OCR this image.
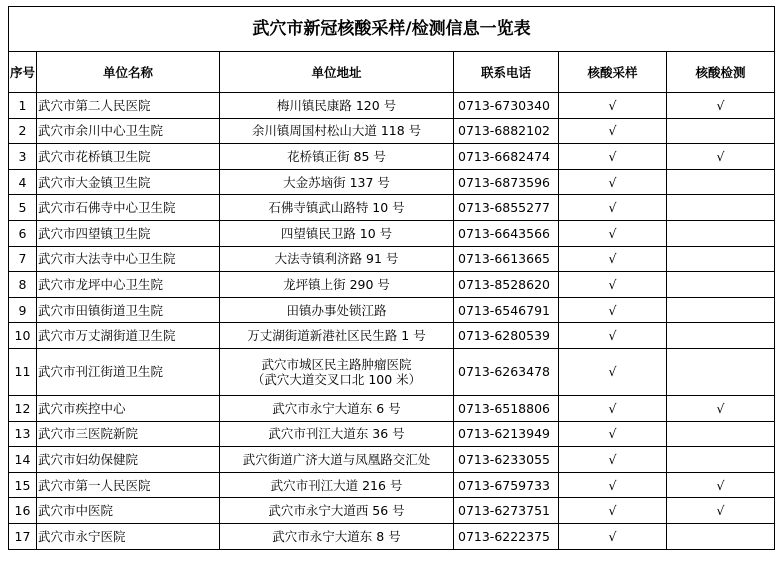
武穴市新冠核酸采样/检测信息一览表					
序号	单位名称	单位地址	联系电话	核酸采样	核酸检测
1	武穴市第二人民医院	梅川镇民康路 120 号	0713-6730340	√	√
2	武穴市余川中心卫生院	余川镇周国村松山大道 118 号	0713-6882102	√	
3	武穴市花桥镇卫生院	花桥镇正街 85 号	0713-6682474	√	√
4	武穴市大金镇卫生院	大金苏垴街 137 号	0713-6873596	√	
5	武穴市石佛寺中心卫生院	石佛寺镇武山路特 10 号	0713-6855277	√	
6	武穴市四望镇卫生院	四望镇民卫路 10 号	0713-6643566	√	
7	武穴市大法寺中心卫生院	大法寺镇利济路 91 号	0713-6613665	√	
8	武穴市龙坪中心卫生院	龙坪镇上街 290 号	0713-8528620	√	
9	武穴市田镇街道卫生院	田镇办事处锁江路	0713-6546791	√	
10	武穴市万丈湖街道卫生院	万丈湖街道新港社区民生路 1 号	0713-6280539	√	
11	武穴市刊江街道卫生院	武穴市城区民主路肿瘤医院
（武穴大道交叉口北 100 米）	0713-6263478	√	
12	武穴市疾控中心	武穴市永宁大道东 6 号	0713-6518806	√	√
13	武穴市三医院新院	武穴市刊江大道东 36 号	0713-6213949	√	
14	武穴市妇幼保健院	武穴街道广济大道与凤凰路交汇处	0713-6233055	√	
15	武穴市第一人民医院	武穴市刊江大道 216 号	0713-6759733	√	√
16	武穴市中医院	武穴市永宁大道西 56 号	0713-6273751	√	√
17	武穴市永宁医院	武穴市永宁大道东 8 号	0713-6222375	√	
